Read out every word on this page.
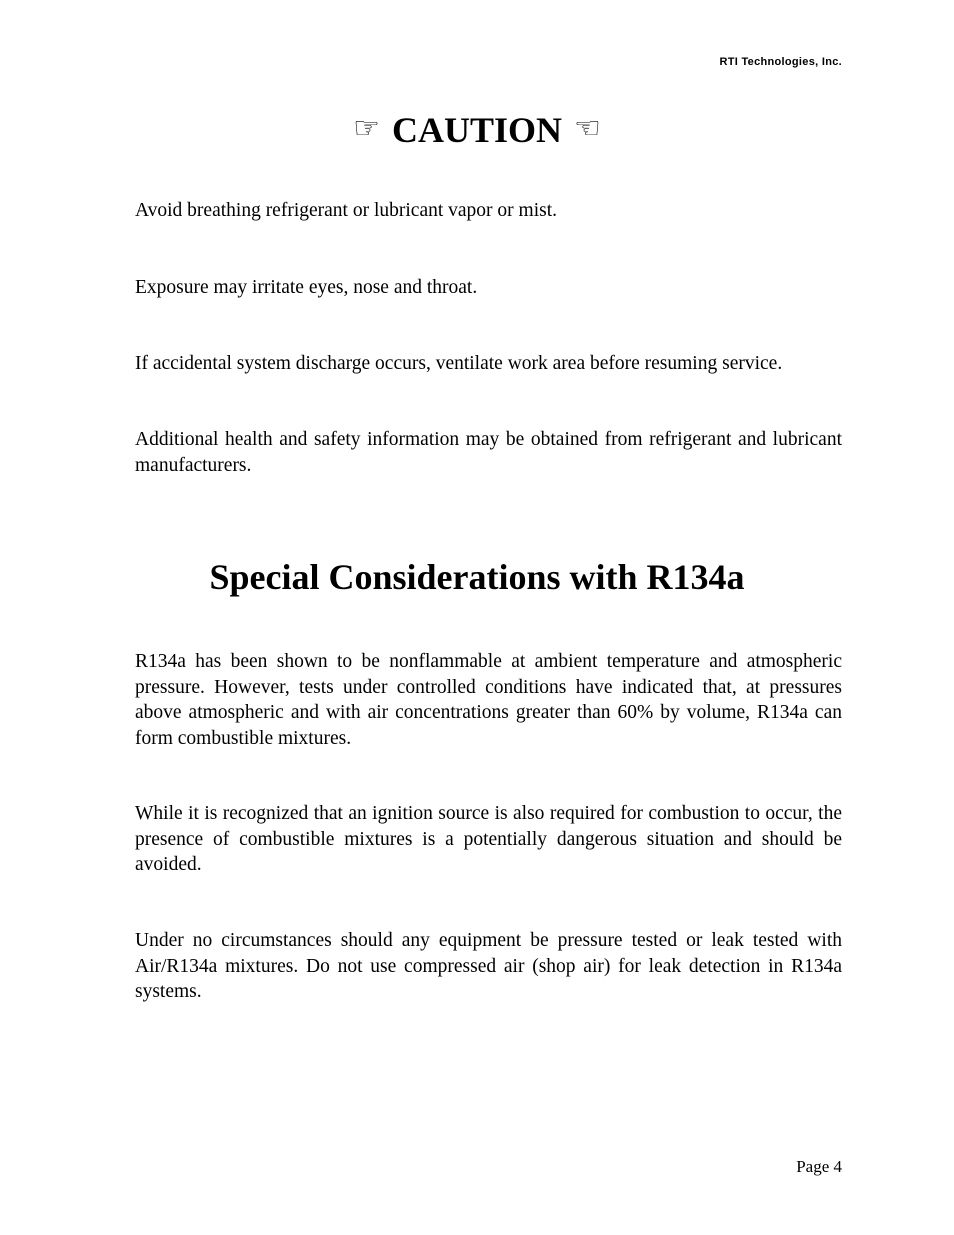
RTI Technologies, Inc.
☞ CAUTION ☞

Avoid breathing refrigerant or lubricant vapor or mist.

Exposure may irritate eyes, nose and throat.

If accidental system discharge occurs, ventilate work area before resuming service.

Additional health and safety information may be obtained from refrigerant and lubricant manufacturers.

Special Considerations with R134a

R134a has been shown to be nonflammable at ambient temperature and atmospheric pressure. However, tests under controlled conditions have indicated that, at pressures above atmospheric and with air concentrations greater than 60% by volume, R134a can form combustible mixtures.

While it is recognized that an ignition source is also required for combustion to occur, the presence of combustible mixtures is a potentially dangerous situation and should be avoided.

Under no circumstances should any equipment be pressure tested or leak tested with Air/R134a mixtures. Do not use compressed air (shop air) for leak detection in R134a systems.

Page 4
